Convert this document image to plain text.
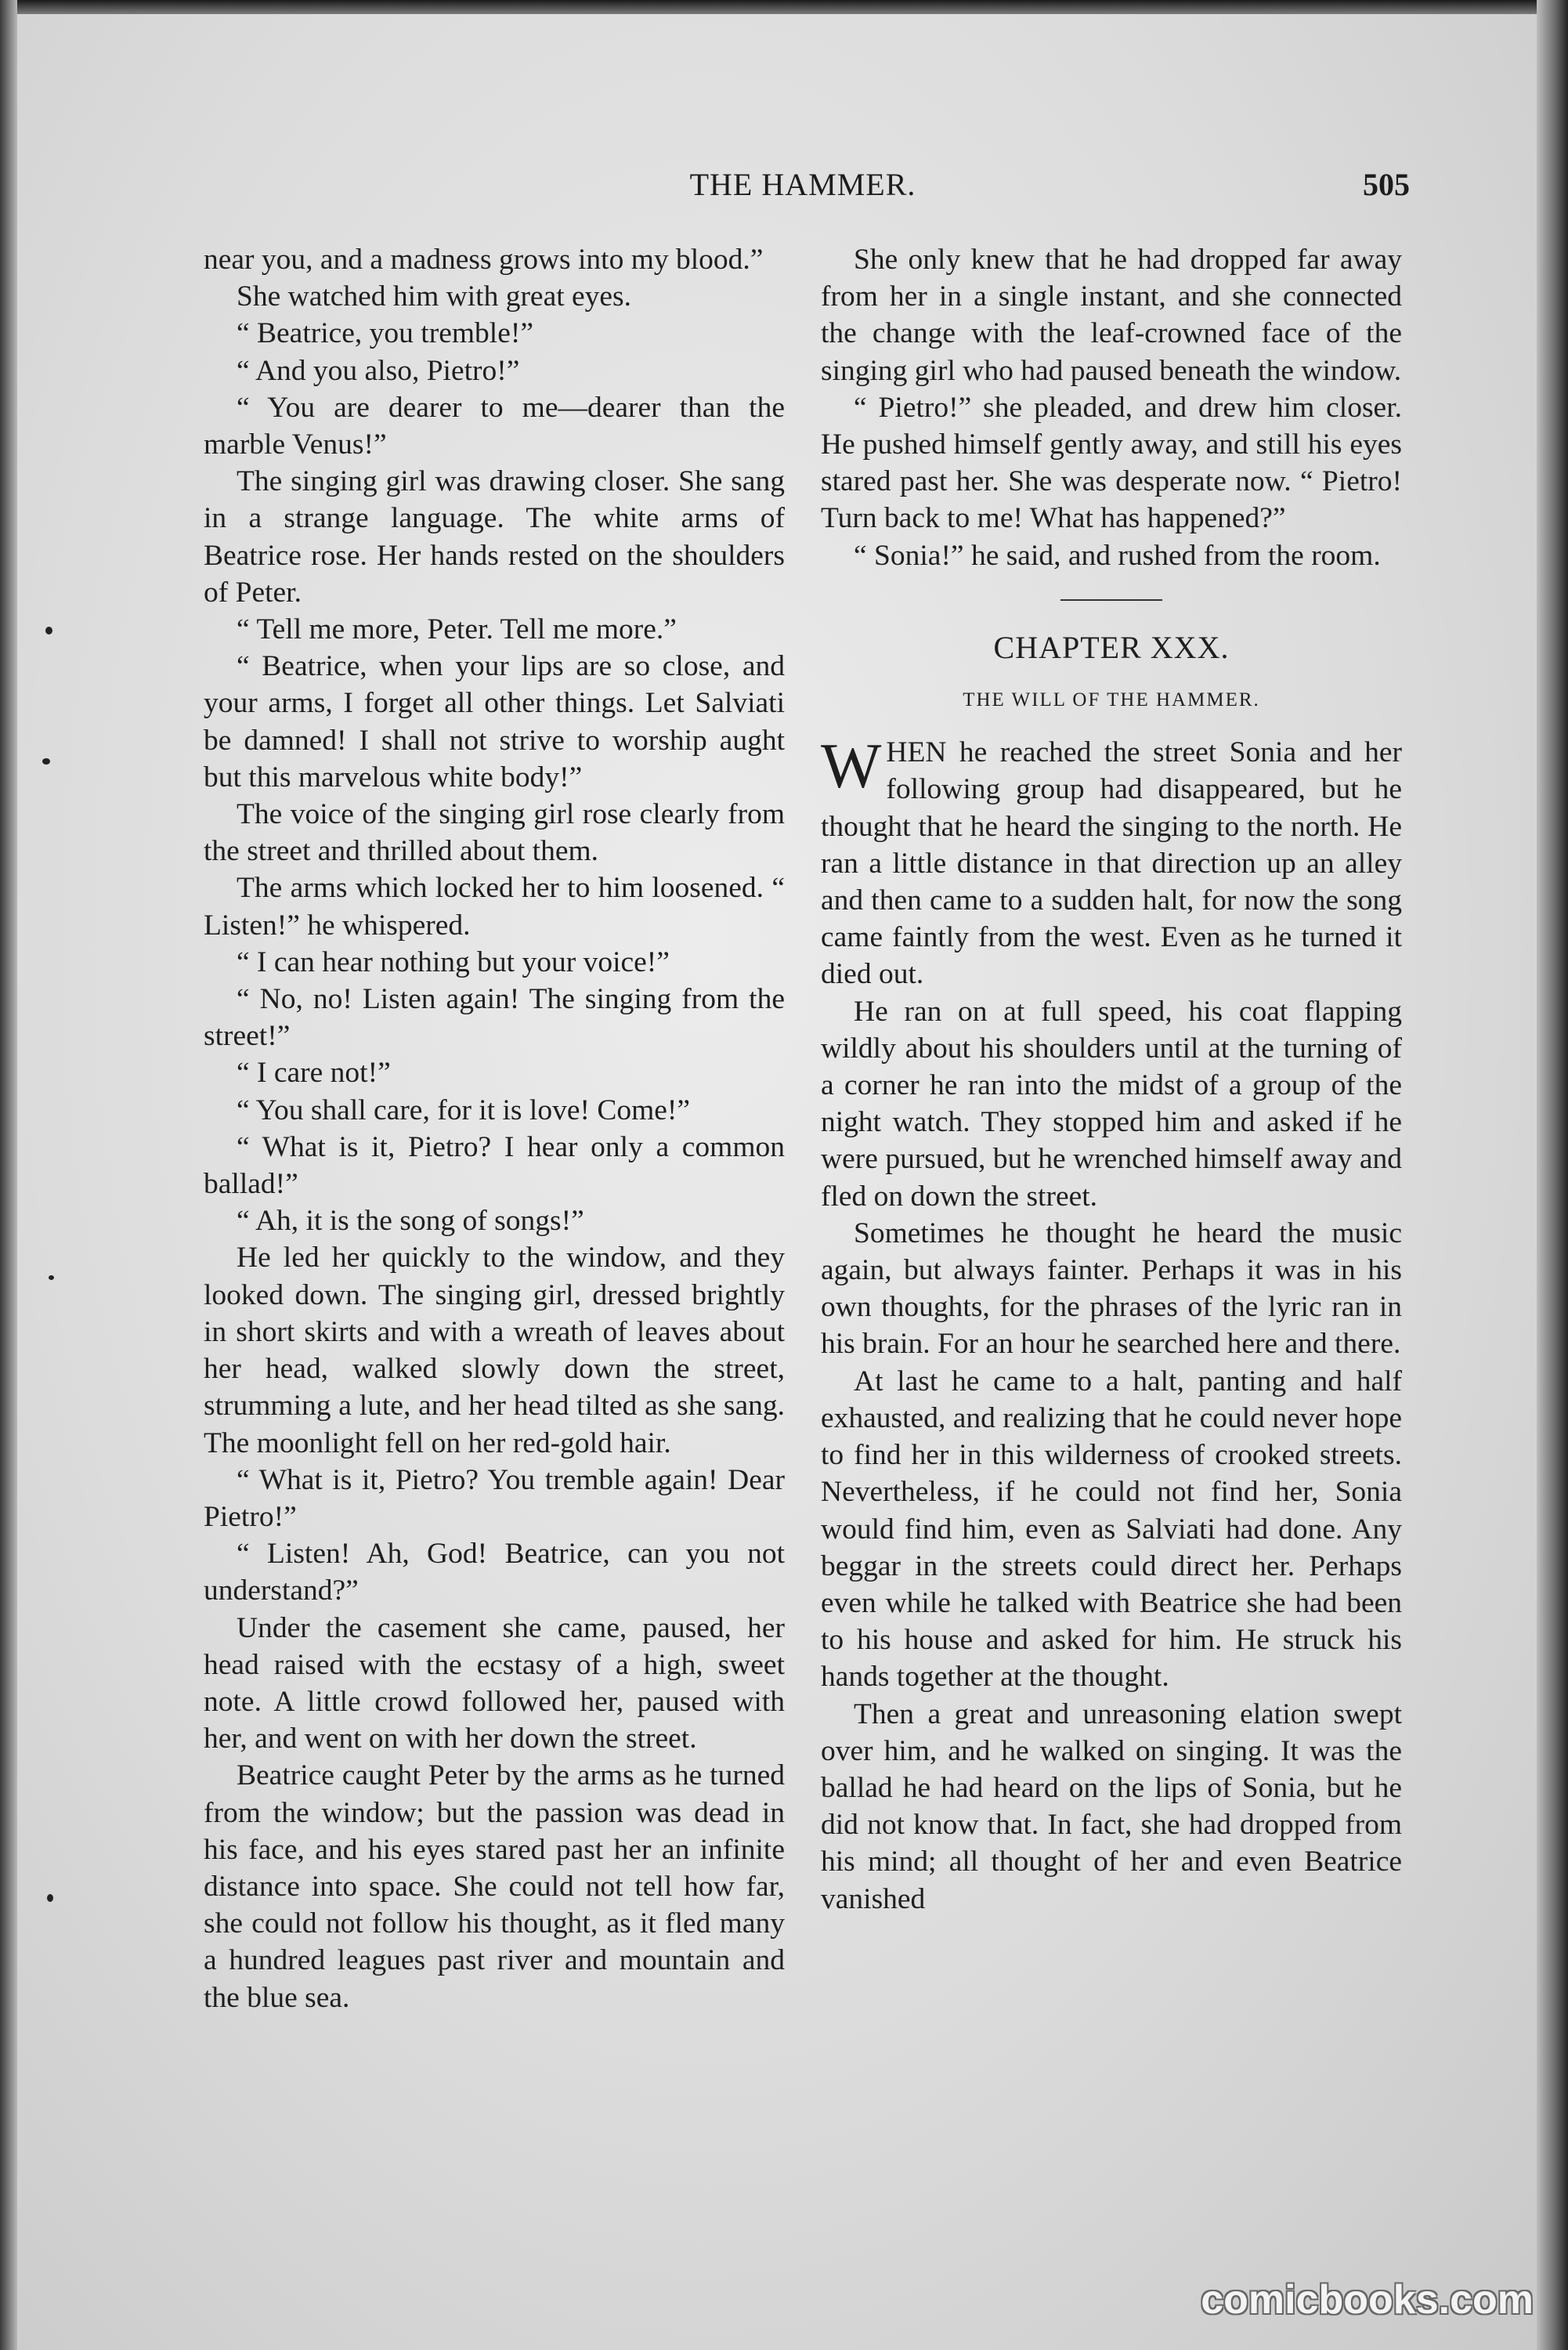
THE HAMMER.	505

near you, and a madness grows into my blood.”

She watched him with great eyes.

“ Beatrice, you tremble!”

“ And you also, Pietro!”

“ You are dearer to me—dearer than the marble Venus!”

The singing girl was drawing closer. She sang in a strange language. The white arms of Beatrice rose. Her hands rested on the shoulders of Peter.

“ Tell me more, Peter. Tell me more.”

“ Beatrice, when your lips are so close, and your arms, I forget all other things. Let Salviati be damned! I shall not strive to worship aught but this marvelous white body!”

The voice of the singing girl rose clearly from the street and thrilled about them.

The arms which locked her to him loosened. “ Listen!” he whispered.

“ I can hear nothing but your voice!”

“ No, no! Listen again! The singing from the street!”

“ I care not!”

“ You shall care, for it is love! Come!”

“ What is it, Pietro? I hear only a common ballad!”

“ Ah, it is the song of songs!”

He led her quickly to the window, and they looked down. The singing girl, dressed brightly in short skirts and with a wreath of leaves about her head, walked slowly down the street, strumming a lute, and her head tilted as she sang. The moonlight fell on her red-gold hair.

“ What is it, Pietro? You tremble again! Dear Pietro!”

“ Listen! Ah, God! Beatrice, can you not understand?”

Under the casement she came, paused, her head raised with the ecstasy of a high, sweet note. A little crowd followed her, paused with her, and went on with her down the street.

Beatrice caught Peter by the arms as he turned from the window; but the passion was dead in his face, and his eyes stared past her an infinite distance into space. She could not tell how far, she could not follow his thought, as it fled many a hundred leagues past river and mountain and the blue sea.

She only knew that he had dropped far away from her in a single instant, and she connected the change with the leaf-crowned face of the singing girl who had paused beneath the window.

“ Pietro!” she pleaded, and drew him closer. He pushed himself gently away, and still his eyes stared past her. She was desperate now. “ Pietro! Turn back to me! What has happened?”

“ Sonia!” he said, and rushed from the room.

CHAPTER XXX.
THE WILL OF THE HAMMER.

WHEN he reached the street Sonia and her following group had disappeared, but he thought that he heard the singing to the north. He ran a little distance in that direction up an alley and then came to a sudden halt, for now the song came faintly from the west. Even as he turned it died out.

He ran on at full speed, his coat flapping wildly about his shoulders until at the turning of a corner he ran into the midst of a group of the night watch. They stopped him and asked if he were pursued, but he wrenched himself away and fled on down the street.

Sometimes he thought he heard the music again, but always fainter. Perhaps it was in his own thoughts, for the phrases of the lyric ran in his brain. For an hour he searched here and there.

At last he came to a halt, panting and half exhausted, and realizing that he could never hope to find her in this wilderness of crooked streets. Nevertheless, if he could not find her, Sonia would find him, even as Salviati had done. Any beggar in the streets could direct her. Perhaps even while he talked with Beatrice she had been to his house and asked for him. He struck his hands together at the thought.

Then a great and unreasoning elation swept over him, and he walked on singing. It was the ballad he had heard on the lips of Sonia, but he did not know that. In fact, she had dropped from his mind; all thought of her and even Beatrice vanished

comicbooks.com
